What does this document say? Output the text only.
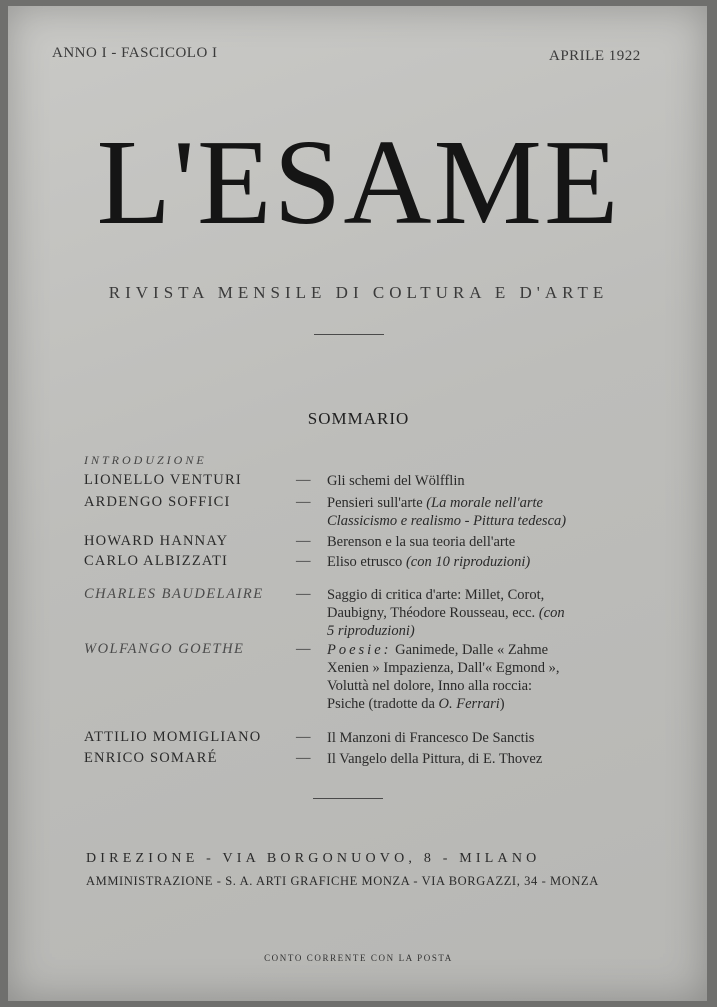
ANNO I - FASCICOLO I	APRILE 1922
L'ESAME
RIVISTA MENSILE DI COLTURA E D'ARTE
SOMMARIO
INTRODUZIONE
LIONELLO VENTURI	— Gli schemi del Wölfflin
ARDENGO SOFFICI	— Pensieri sull'arte (La morale nell'arte
Classicismo e realismo - Pittura tedesca)
HOWARD HANNAY	— Berenson e la sua teoria dell'arte
CARLO ALBIZZATI	— Eliso etrusco (con 10 riproduzioni)
CHARLES BAUDELAIRE — Saggio di critica d'arte: Millet, Corot,
Daubigny, Théodore Rousseau, ecc. (con
5 riproduzioni)
WOLFANGO GOETHE	— Poesie: Ganimede, Dalle « Zahme
Xenien » Impazienza, Dall'« Egmond »,
Voluttà nel dolore, Inno alla roccia:
Psiche (tradotte da O. Ferrari)
ATTILIO MOMIGLIANO — Il Manzoni di Francesco De Sanctis
ENRICO SOMARÉ	— Il Vangelo della Pittura, di E. Thovez
DIREZIONE - VIA BORGONUOVO, 8 - MILANO
AMMINISTRAZIONE - S. A. ARTI GRAFICHE MONZA - VIA BORGAZZI, 34 - MONZA
CONTO CORRENTE CON LA POSTA
